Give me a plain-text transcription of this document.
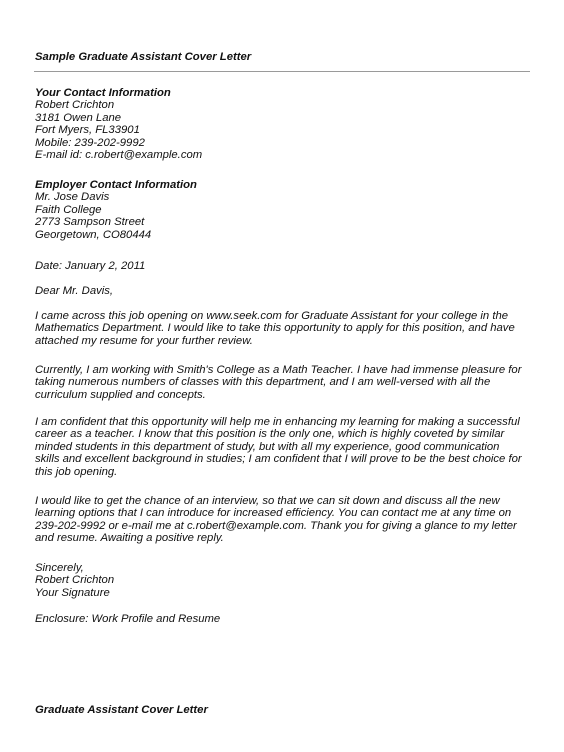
Sample Graduate Assistant Cover Letter
Your Contact Information
Robert Crichton
3181 Owen Lane
Fort Myers, FL33901
Mobile: 239-202-9992
E-mail id: c.robert@example.com
Employer Contact Information
Mr. Jose Davis
Faith College
2773 Sampson Street
Georgetown, CO80444
Date: January 2, 2011
Dear Mr. Davis,
I came across this job opening on www.seek.com for Graduate Assistant for your college in the
Mathematics Department. I would like to take this opportunity to apply for this position, and have
attached my resume for your further review.
Currently, I am working with Smith's College as a Math Teacher. I have had immense pleasure for
taking numerous numbers of classes with this department, and I am well-versed with all the
curriculum supplied and concepts.
I am confident that this opportunity will help me in enhancing my learning for making a successful
career as a teacher. I know that this position is the only one, which is highly coveted by similar
minded students in this department of study, but with all my experience, good communication
skills and excellent background in studies; I am confident that I will prove to be the best choice for
this job opening.
I would like to get the chance of an interview, so that we can sit down and discuss all the new
learning options that I can introduce for increased efficiency. You can contact me at any time on
239-202-9992 or e-mail me at c.robert@example.com. Thank you for giving a glance to my letter
and resume. Awaiting a positive reply.
Sincerely,
Robert Crichton
Your Signature
Enclosure: Work Profile and Resume
Graduate Assistant Cover Letter
